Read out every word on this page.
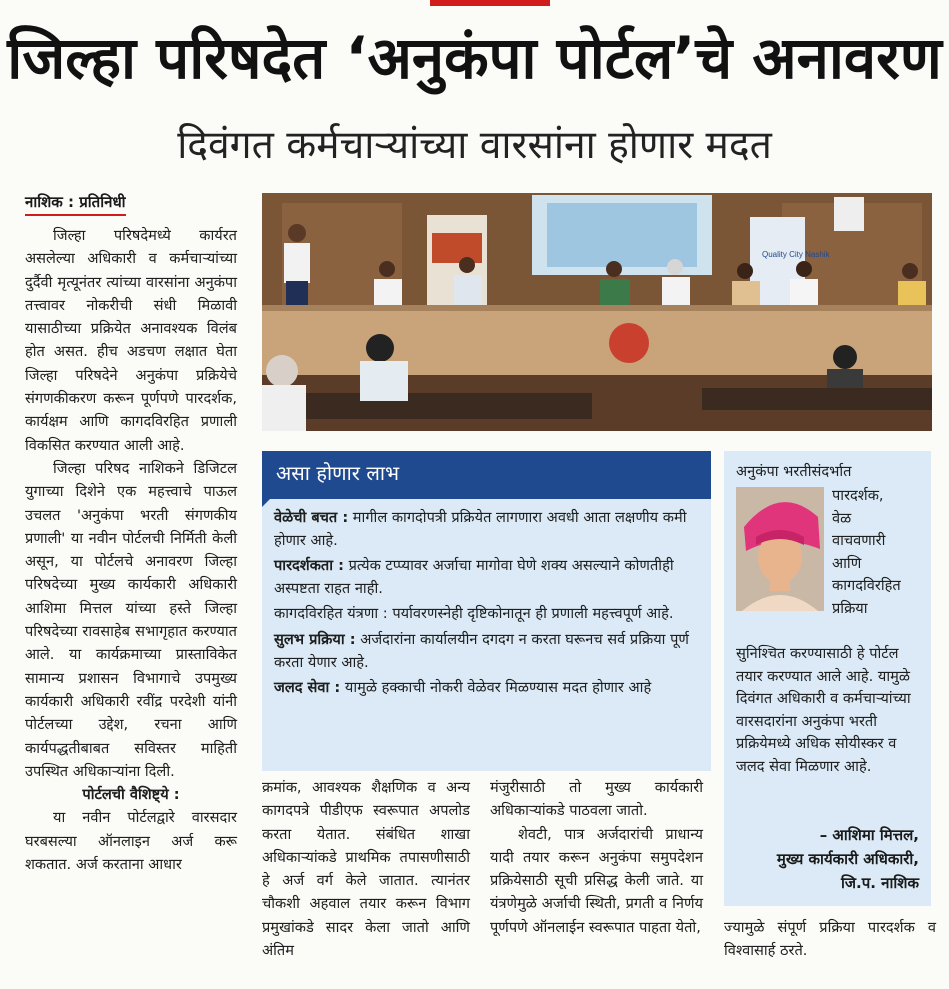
जिल्हा परिषदेत ‘अनुकंपा पोर्टल’चे अनावरण
दिवंगत कर्मचाऱ्यांच्या वारसांना होणार मदत
नाशिक : प्रतिनिधी

जिल्हा परिषदेमध्ये कार्यरत असलेल्या अधिकारी व कर्मचाऱ्यांच्या दुर्दैवी मृत्यूनंतर त्यांच्या वारसांना अनुकंपा तत्त्वावर नोकरीची संधी मिळावी यासाठीच्या प्रक्रियेत अनावश्यक विलंब होत असत. हीच अडचण लक्षात घेता जिल्हा परिषदेने अनुकंपा प्रक्रियेचे संगणकीकरण करून पूर्णपणे पारदर्शक, कार्यक्षम आणि कागदविरहित प्रणाली विकसित करण्यात आली आहे.

जिल्हा परिषद नाशिकने डिजिटल युगाच्या दिशेने एक महत्त्वाचे पाऊल उचलत 'अनुकंपा भरती संगणकीय प्रणाली' या नवीन पोर्टलची निर्मिती केली असून, या पोर्टलचे अनावरण जिल्हा परिषदेच्या मुख्य कार्यकारी अधिकारी आशिमा मित्तल यांच्या हस्ते जिल्हा परिषदेच्या रावसाहेब सभागृहात करण्यात आले. या कार्यक्रमाच्या प्रास्ताविकेत सामान्य प्रशासन विभागाचे उपमुख्य कार्यकारी अधिकारी रवींद्र परदेशी यांनी पोर्टलच्या उद्देश, रचना आणि कार्यपद्धतीबाबत सविस्तर माहिती उपस्थित अधिकाऱ्यांना दिली.

पोर्टलची वैशिष्ट्ये :

या नवीन पोर्टलद्वारे वारसदार घरबसल्या ऑनलाइन अर्ज करू शकतात. अर्ज करताना आधार

Quality City Nashik
असा होणार लाभ

वेळेची बचत : मागील कागदोपत्री प्रक्रियेत लागणारा अवधी आता लक्षणीय कमी होणार आहे.

पारदर्शकता : प्रत्येक टप्प्यावर अर्जाचा मागोवा घेणे शक्य असल्याने कोणतीही अस्पष्टता राहत नाही.

कागदविरहित यंत्रणा : पर्यावरणस्नेही दृष्टिकोनातून ही प्रणाली महत्त्वपूर्ण आहे.

सुलभ प्रक्रिया : अर्जदारांना कार्यालयीन दगदग न करता घरूनच सर्व प्रक्रिया पूर्ण करता येणार आहे.

जलद सेवा : यामुळे हक्काची नोकरी वेळेवर मिळण्यास मदत होणार आहे

क्रमांक, आवश्यक शैक्षणिक व अन्य कागदपत्रे पीडीएफ स्वरूपात अपलोड करता येतात. संबंधित शाखा अधिकाऱ्यांकडे प्राथमिक तपासणीसाठी हे अर्ज वर्ग केले जातात. त्यानंतर चौकशी अहवाल तयार करून विभाग प्रमुखांकडे सादर केला जातो आणि अंतिम

मंजुरीसाठी तो मुख्य कार्यकारी अधिकाऱ्यांकडे पाठवला जातो.

शेवटी, पात्र अर्जदारांची प्राधान्य यादी तयार करून अनुकंपा समुपदेशन प्रक्रियेसाठी सूची प्रसिद्ध केली जाते. या यंत्रणेमुळे अर्जाची स्थिती, प्रगती व निर्णय पूर्णपणे ऑनलाईन स्वरूपात पाहता येतो,

अनुकंपा भरतीसंदर्भात
पारदर्शक,
वेळ
वाचवणारी
आणि
कागदविरहित
प्रक्रिया
सुनिश्चित करण्यासाठी हे पोर्टल तयार करण्यात आले आहे. यामुळे दिवंगत अधिकारी व कर्मचाऱ्यांच्या वारसदारांना अनुकंपा भरती प्रक्रियेमध्ये अधिक सोयीस्कर व जलद सेवा मिळणार आहे.
– आशिमा मित्तल,
मुख्य कार्यकारी अधिकारी,
जि.प. नाशिक

ज्यामुळे संपूर्ण प्रक्रिया पारदर्शक व विश्वासार्ह ठरते.
